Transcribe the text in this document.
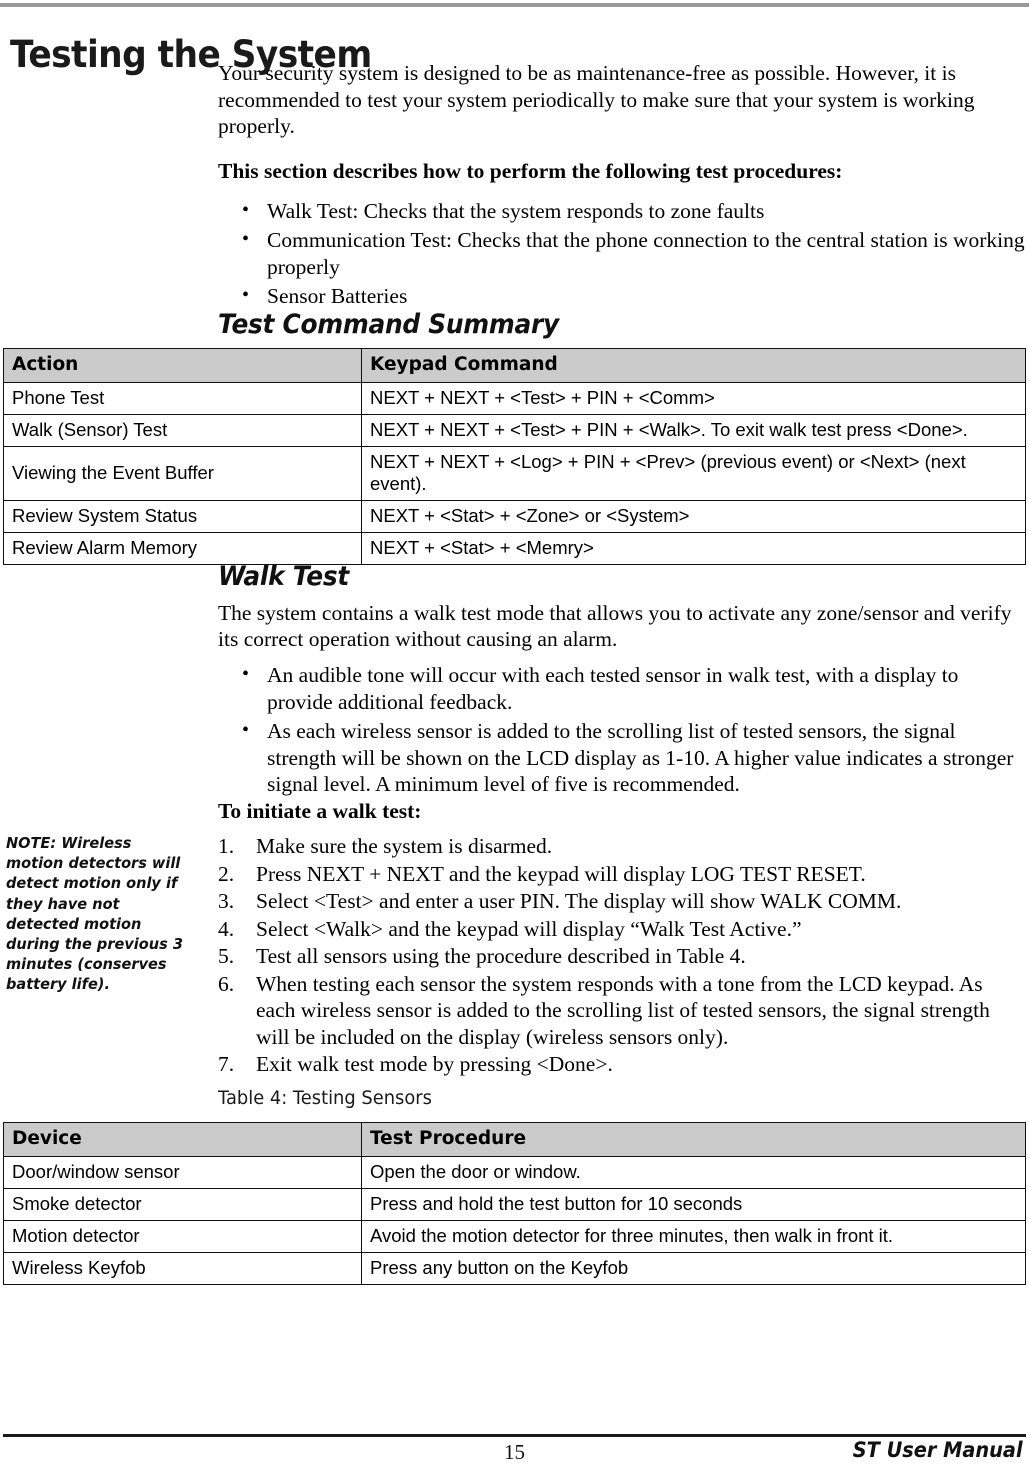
Testing the System

Your security system is designed to be as maintenance-free as possible. However, it is recommended to test your system periodically to make sure that your system is working properly.

This section describes how to perform the following test procedures:

• Walk Test: Checks that the system responds to zone faults
• Communication Test: Checks that the phone connection to the central station is working properly
• Sensor Batteries
Test Command Summary
Action	Keypad Command
Phone Test	NEXT + NEXT + <Test> + PIN + <Comm>
Walk (Sensor) Test	NEXT + NEXT + <Test> + PIN + <Walk>. To exit walk test press <Done>.
Viewing the Event Buffer	NEXT + NEXT + <Log> + PIN + <Prev> (previous event) or <Next> (next event).
Review System Status	NEXT + <Stat> + <Zone> or <System>
Review Alarm Memory	NEXT + <Stat> + <Memry>
Walk Test

The system contains a walk test mode that allows you to activate any zone/sensor and verify its correct operation without causing an alarm.

• An audible tone will occur with each tested sensor in walk test, with a display to provide additional feedback.
• As each wireless sensor is added to the scrolling list of tested sensors, the signal strength will be shown on the LCD display as 1-10. A higher value indicates a stronger signal level. A minimum level of five is recommended.

To initiate a walk test:

1.	Make sure the system is disarmed.
2.	Press NEXT + NEXT and the keypad will display LOG TEST RESET.
3.	Select <Test> and enter a user PIN. The display will show WALK COMM.
4.	Select <Walk> and the keypad will display “Walk Test Active.”
5.	Test all sensors using the procedure described in Table 4.
6.	When testing each sensor the system responds with a tone from the LCD keypad. As each wireless sensor is added to the scrolling list of tested sensors, the signal strength will be included on the display (wireless sensors only).
7.	Exit walk test mode by pressing <Done>.
NOTE: Wireless motion detectors will detect motion only if they have not detected motion during the previous 3 minutes (conserves battery life).
Table 4: Testing Sensors
Device	Test Procedure
Door/window sensor	Open the door or window.
Smoke detector	Press and hold the test button for 10 seconds
Motion detector	Avoid the motion detector for three minutes, then walk in front it.
Wireless Keyfob	Press any button on the Keyfob
15	ST User Manual
